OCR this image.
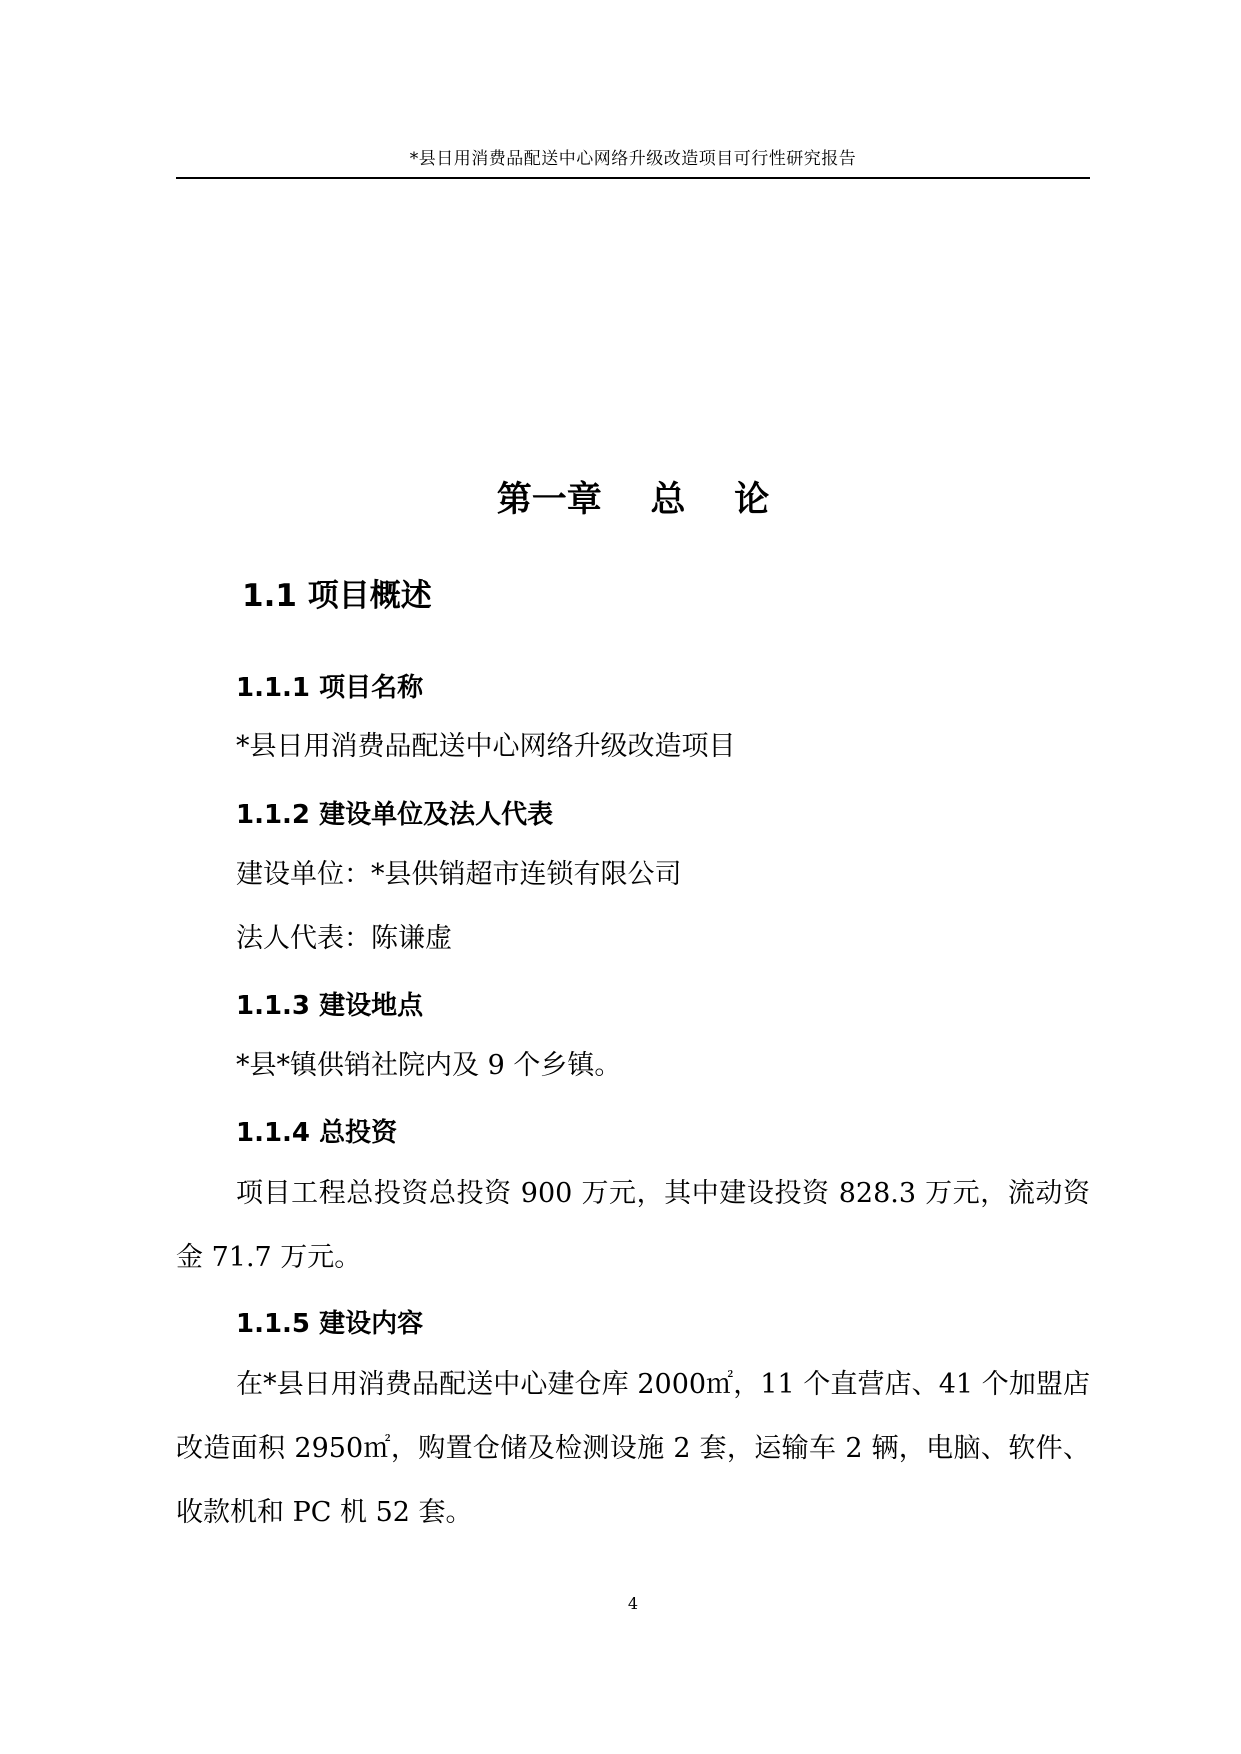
*县日用消费品配送中心网络升级改造项目可行性研究报告
第一章    总    论
1.1 项目概述
1.1.1 项目名称
*县日用消费品配送中心网络升级改造项目
1.1.2 建设单位及法人代表
建设单位：*县供销超市连锁有限公司
法人代表：陈谦虚
1.1.3 建设地点
*县*镇供销社院内及 9 个乡镇。
1.1.4 总投资
项目工程总投资总投资 900 万元，其中建设投资 828.3 万元，流动资金 71.7 万元。
1.1.5 建设内容
在*县日用消费品配送中心建仓库 2000㎡，11 个直营店、41 个加盟店改造面积 2950㎡，购置仓储及检测设施 2 套，运输车 2 辆，电脑、软件、收款机和 PC 机 52 套。
4
